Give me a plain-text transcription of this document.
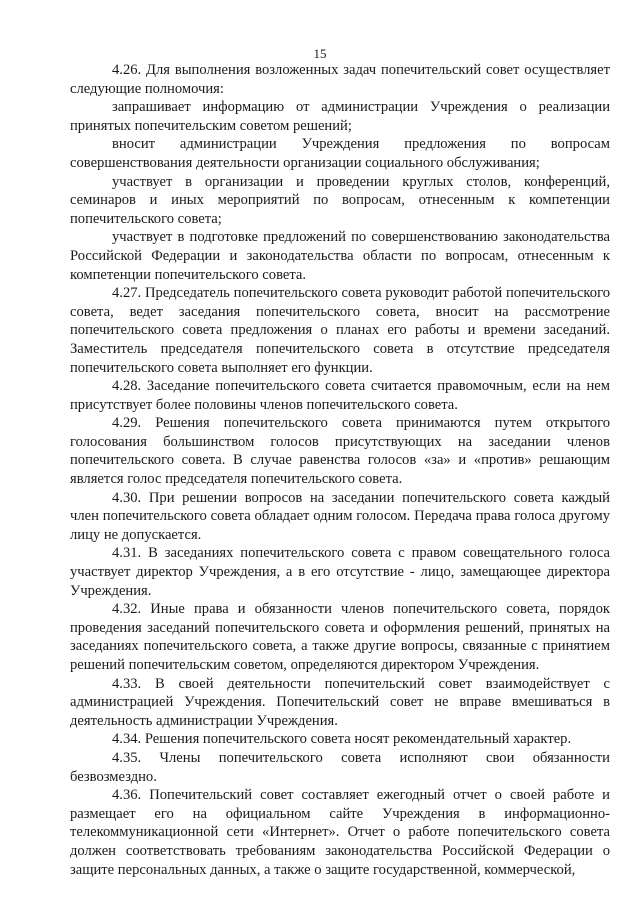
15

4.26. Для выполнения возложенных задач попечительский совет осуществляет следующие полномочия:

запрашивает информацию от администрации Учреждения о реализации принятых попечительским советом решений;

вносит администрации Учреждения предложения по вопросам совершенствования деятельности организации социального обслуживания;

участвует в организации и проведении круглых столов, конференций, семинаров и иных мероприятий по вопросам, отнесенным к компетенции попечительского совета;

участвует в подготовке предложений по совершенствованию законодательства Российской Федерации и законодательства области по вопросам, отнесенным к компетенции попечительского совета.

4.27. Председатель попечительского совета руководит работой попечительского совета, ведет заседания попечительского совета, вносит на рассмотрение попечительского совета предложения о планах его работы и времени заседаний. Заместитель председателя попечительского совета в отсутствие председателя попечительского совета выполняет его функции.

4.28. Заседание попечительского совета считается правомочным, если на нем присутствует более половины членов попечительского совета.

4.29. Решения попечительского совета принимаются путем открытого голосования большинством голосов присутствующих на заседании членов попечительского совета. В случае равенства голосов «за» и «против» решающим является голос председателя попечительского совета.

4.30. При решении вопросов на заседании попечительского совета каждый член попечительского совета обладает одним голосом. Передача права голоса другому лицу не допускается.

4.31. В заседаниях попечительского совета с правом совещательного голоса участвует директор Учреждения, а в его отсутствие - лицо, замещающее директора Учреждения.

4.32. Иные права и обязанности членов попечительского совета, порядок проведения заседаний попечительского совета и оформления решений, принятых на заседаниях попечительского совета, а также другие вопросы, связанные с принятием решений попечительским советом, определяются директором Учреждения.

4.33. В своей деятельности попечительский совет взаимодействует с администрацией Учреждения. Попечительский совет не вправе вмешиваться в деятельность администрации Учреждения.

4.34. Решения попечительского совета носят рекомендательный характер.

4.35. Члены попечительского совета исполняют свои обязанности безвозмездно.

4.36. Попечительский совет составляет ежегодный отчет о своей работе и размещает его на официальном сайте Учреждения в информационно-телекоммуникационной сети «Интернет». Отчет о работе попечительского совета должен соответствовать требованиям законодательства Российской Федерации о защите персональных данных, а также о защите государственной, коммерческой,
